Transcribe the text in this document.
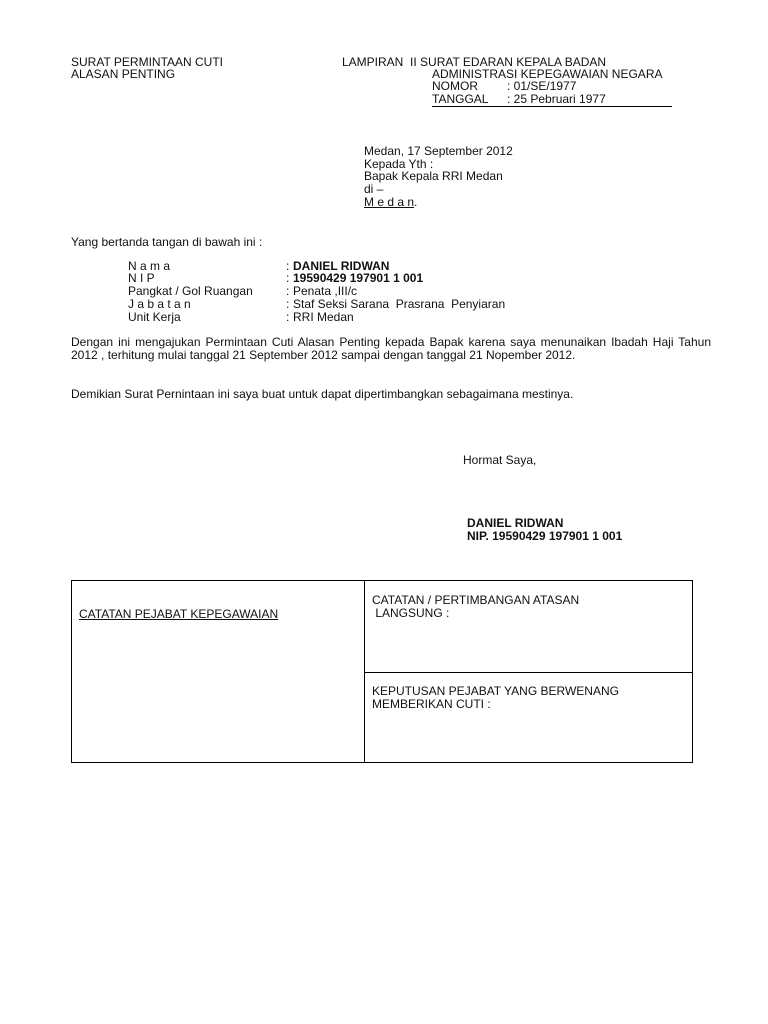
SURAT PERMINTAAN CUTI
ALASAN PENTING
LAMPIRAN  II SURAT EDARAN KEPALA BADAN
ADMINISTRASI KEPEGAWAIAN NEGARA
NOMOR : 01/SE/1977
TANGGAL : 25 Pebruari 1977
Medan, 17 September 2012
Kepada Yth :
Bapak Kepala RRI Medan
di –
M e d a n.
Yang bertanda tangan di bawah ini :
N a m a	: DANIEL RIDWAN
N I P	: 19590429 197901 1 001
Pangkat / Gol Ruangan	: Penata ,III/c
J a b a t a n	: Staf Seksi Sarana  Prasrana  Penyiaran
Unit Kerja	: RRI Medan
Dengan ini mengajukan Permintaan Cuti Alasan Penting kepada Bapak karena saya menunaikan Ibadah Haji Tahun 2012 , terhitung mulai tanggal 21 September 2012 sampai dengan tanggal 21 Nopember 2012.
Demikian Surat Pernintaan ini saya buat untuk dapat dipertimbangkan sebagaimana mestinya.
Hormat Saya,
DANIEL RIDWAN
NIP. 19590429 197901 1 001
CATATAN PEJABAT KEPEGAWAIAN
CATATAN / PERTIMBANGAN ATASAN
LANGSUNG :
KEPUTUSAN PEJABAT YANG BERWENANG
MEMBERIKAN CUTI :
